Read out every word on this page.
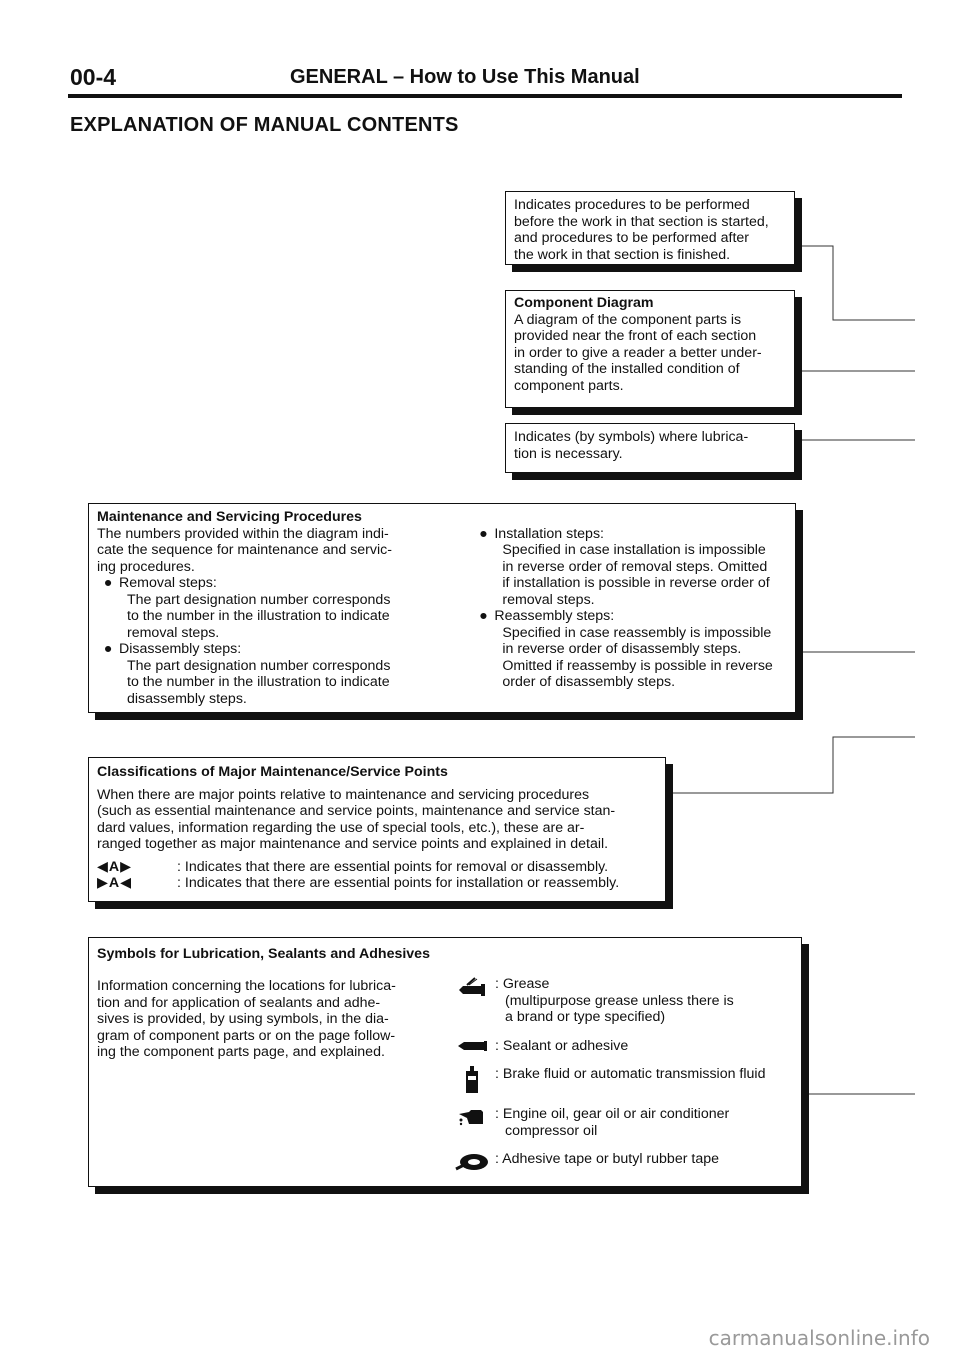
00-4	GENERAL – How to Use This Manual
EXPLANATION OF MANUAL CONTENTS
Indicates procedures to be performed
before the work in that section is started,
and procedures to be performed after
the work in that section is finished.
Component Diagram
A diagram of the component parts is
provided near the front of each section
in order to give a reader a better under-
standing of the installed condition of
component parts.
Indicates (by symbols) where lubrica-
tion is necessary.
Maintenance and Servicing Procedures
The numbers provided within the diagram indi-
cate the sequence for maintenance and servic-
ing procedures.
● Removal steps:
The part designation number corresponds
to the number in the illustration to indicate
removal steps.
● Disassembly steps:
The part designation number corresponds
to the number in the illustration to indicate
disassembly steps.
● Installation steps:
Specified in case installation is impossible
in reverse order of removal steps. Omitted
if installation is possible in reverse order of
removal steps.
● Reassembly steps:
Specified in case reassembly is impossible
in reverse order of disassembly steps.
Omitted if reassemby is possible in reverse
order of disassembly steps.
Classifications of Major Maintenance/Service Points
When there are major points relative to maintenance and servicing procedures
(such as essential maintenance and service points, maintenance and service stan-
dard values, information regarding the use of special tools, etc.), these are ar-
ranged together as major maintenance and service points and explained in detail.
◀A▶	: Indicates that there are essential points for removal or disassembly.
▶A◀	: Indicates that there are essential points for installation or reassembly.
Symbols for Lubrication, Sealants and Adhesives
Information concerning the locations for lubrica-
tion and for application of sealants and adhe-
sives is provided, by using symbols, in the dia-
gram of component parts or on the page follow-
ing the component parts page, and explained.
: Grease
(multipurpose grease unless there is
a brand or type specified)
: Sealant or adhesive
: Brake fluid or automatic transmission fluid
: Engine oil, gear oil or air conditioner
compressor oil
: Adhesive tape or butyl rubber tape
carmanualsonline.info
